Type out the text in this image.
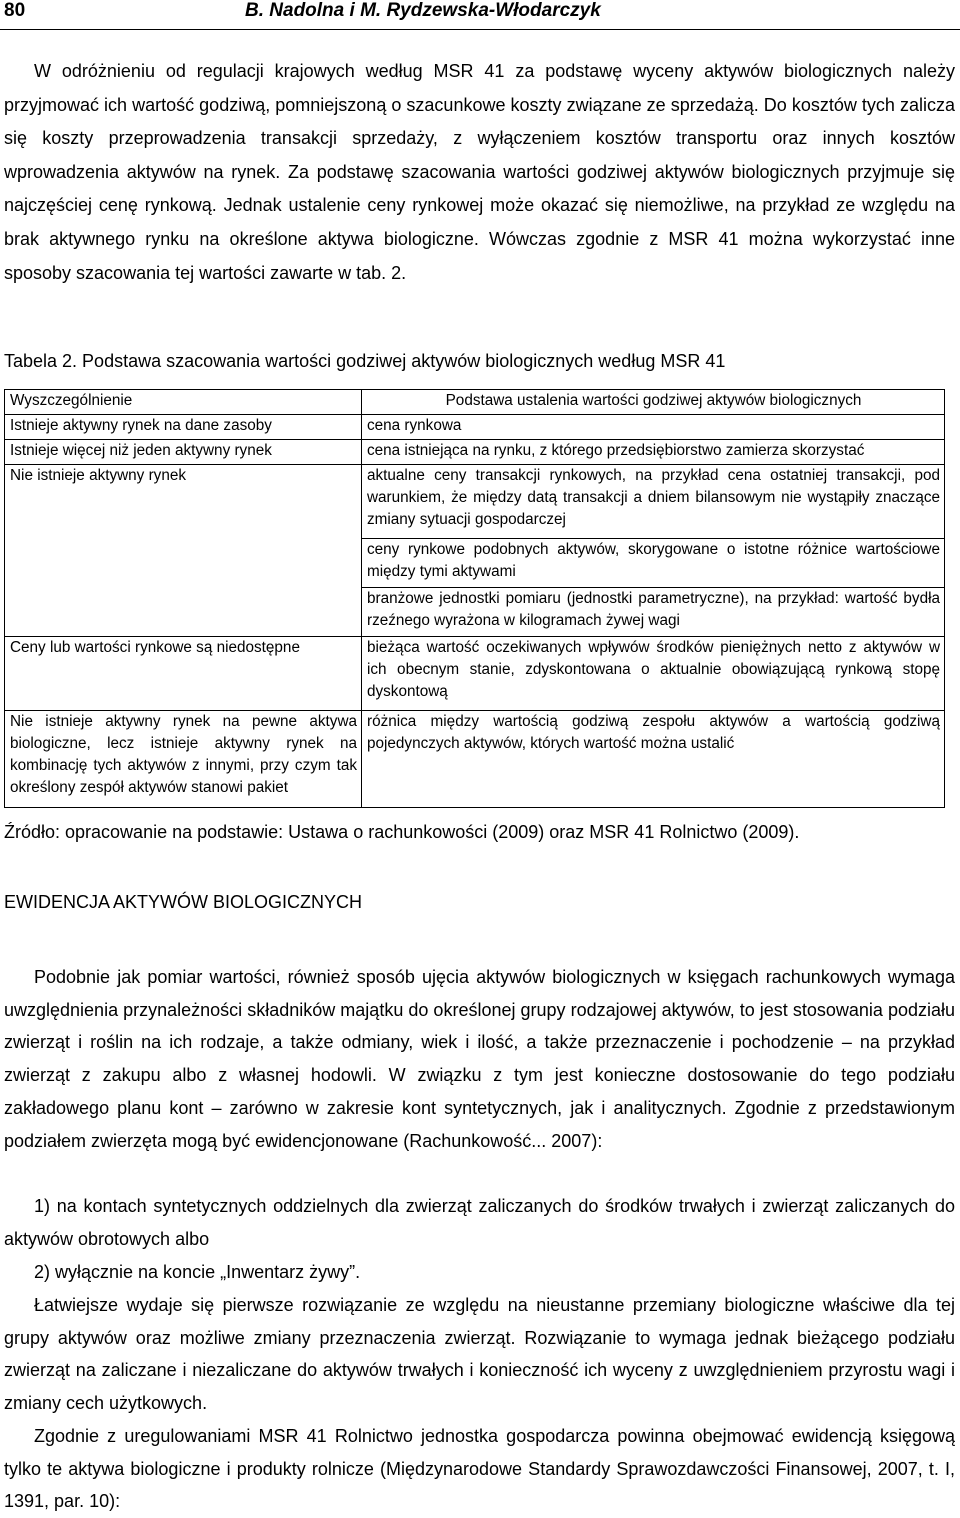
80	B. Nadolna i M. Rydzewska-Włodarczyk

W odróżnieniu od regulacji krajowych według MSR 41 za podstawę wyceny aktywów biologicznych należy przyjmować ich wartość godziwą, pomniejszoną o szacunkowe koszty związane ze sprzedażą. Do kosztów tych zalicza się koszty przeprowadzenia transakcji sprzedaży, z wyłączeniem kosztów transportu oraz innych kosztów wprowadzenia aktywów na rynek. Za podstawę szacowania wartości godziwej aktywów biologicznych przyjmuje się najczęściej cenę rynkową. Jednak ustalenie ceny rynkowej może okazać się niemożliwe, na przykład ze względu na brak aktywnego rynku na określone aktywa biologiczne. Wówczas zgodnie z MSR 41 można wykorzystać inne sposoby szacowania tej wartości zawarte w tab. 2.

Tabela 2. Podstawa szacowania wartości godziwej aktywów biologicznych według MSR 41

Wyszczególnienie	Podstawa ustalenia wartości godziwej aktywów biologicznych
Istnieje aktywny rynek na dane zasoby	cena rynkowa
Istnieje więcej niż jeden aktywny rynek	cena istniejąca na rynku, z którego przedsiębiorstwo zamierza skorzystać
Nie istnieje aktywny rynek	aktualne ceny transakcji rynkowych, na przykład cena ostatniej transakcji, pod warunkiem, że między datą transakcji a dniem bilansowym nie wystąpiły znaczące zmiany sytuacji gospodarczej
	ceny rynkowe podobnych aktywów, skorygowane o istotne różnice wartościowe między tymi aktywami
	branżowe jednostki pomiaru (jednostki parametryczne), na przykład: wartość bydła rzeźnego wyrażona w kilogramach żywej wagi
Ceny lub wartości rynkowe są niedostępne	bieżąca wartość oczekiwanych wpływów środków pieniężnych netto z aktywów w ich obecnym stanie, zdyskontowana o aktualnie obowiązującą rynkową stopę dyskontową
Nie istnieje aktywny rynek na pewne aktywa biologiczne, lecz istnieje aktywny rynek na kombinację tych aktywów z innymi, przy czym tak określony zespół aktywów stanowi pakiet	różnica między wartością godziwą zespołu aktywów a wartością godziwą pojedynczych aktywów, których wartość można ustalić

Źródło: opracowanie na podstawie: Ustawa o rachunkowości (2009) oraz MSR 41 Rolnictwo (2009).

EWIDENCJA AKTYWÓW BIOLOGICZNYCH

Podobnie jak pomiar wartości, również sposób ujęcia aktywów biologicznych w księgach rachunkowych wymaga uwzględnienia przynależności składników majątku do określonej grupy rodzajowej aktywów, to jest stosowania podziału zwierząt i roślin na ich rodzaje, a także odmiany, wiek i ilość, a także przeznaczenie i pochodzenie – na przykład zwierząt z zakupu albo z własnej hodowli. W związku z tym jest konieczne dostosowanie do tego podziału zakładowego planu kont – zarówno w zakresie kont syntetycznych, jak i analitycznych. Zgodnie z przedstawionym podziałem zwierzęta mogą być ewidencjonowane (Rachunkowość... 2007):

1) na kontach syntetycznych oddzielnych dla zwierząt zaliczanych do środków trwałych i zwierząt zaliczanych do aktywów obrotowych albo

2) wyłącznie na koncie „Inwentarz żywy”.

Łatwiejsze wydaje się pierwsze rozwiązanie ze względu na nieustanne przemiany biologiczne właściwe dla tej grupy aktywów oraz możliwe zmiany przeznaczenia zwierząt. Rozwiązanie to wymaga jednak bieżącego podziału zwierząt na zaliczane i niezaliczane do aktywów trwałych i konieczność ich wyceny z uwzględnieniem przyrostu wagi i zmiany cech użytkowych.

Zgodnie z uregulowaniami MSR 41 Rolnictwo jednostka gospodarcza powinna obejmować ewidencją księgową tylko te aktywa biologiczne i produkty rolnicze (Międzynarodowe Standardy Sprawozdawczości Finansowej, 2007, t. I, 1391, par. 10):
